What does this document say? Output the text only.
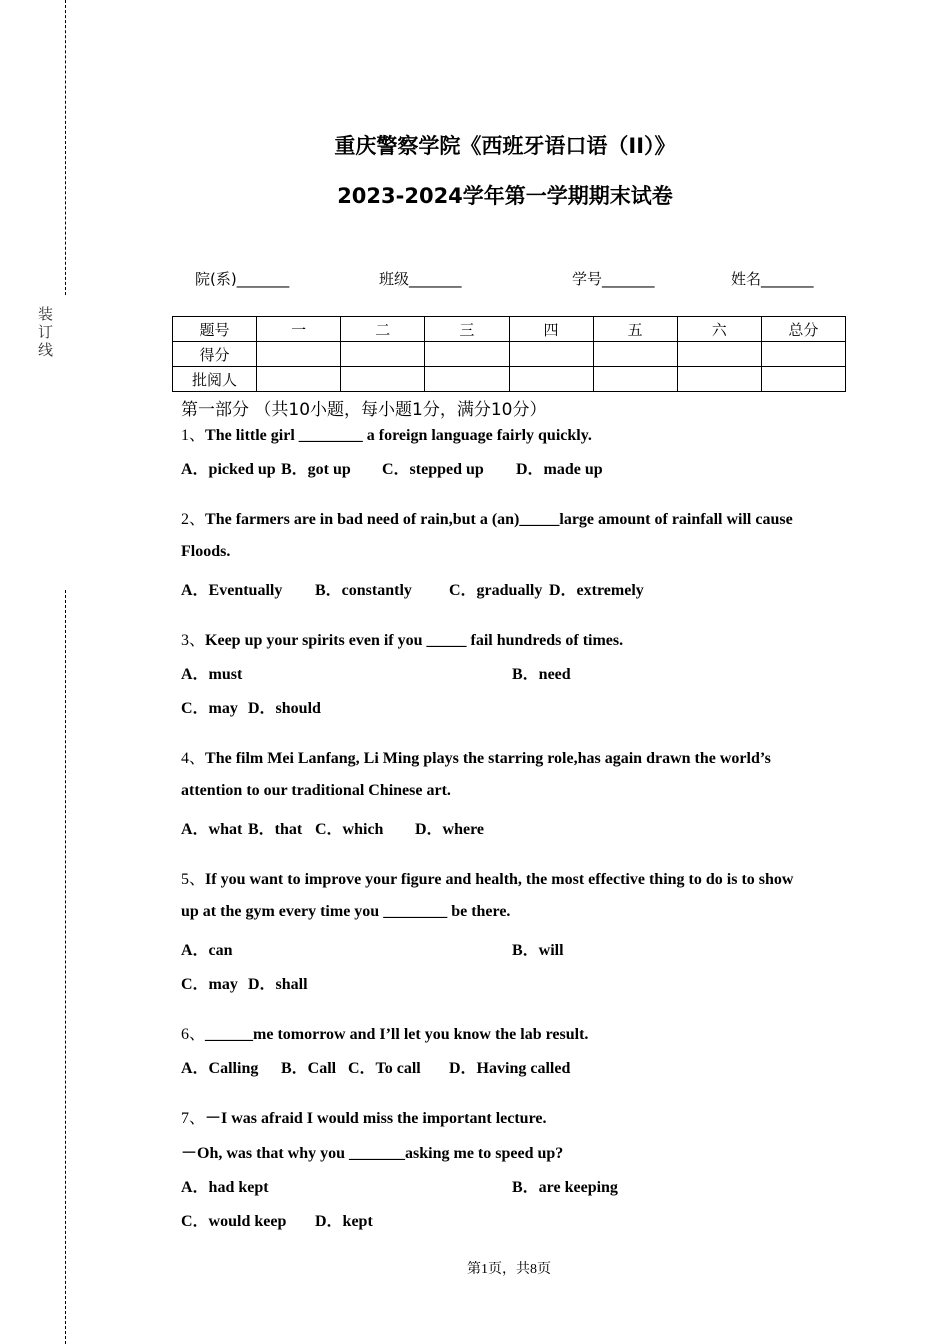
装订线
重庆警察学院《西班牙语口语（II）》
2023-2024学年第一学期期末试卷
院(系)_______	班级_______	学号_______	姓名_______
题号	一	二	三	四	五	六	总分
得分							
批阅人							
第一部分 （共10小题，每小题1分，满分10分）
1、The little girl ________ a foreign language fairly quickly.
A．picked up B．got up C．stepped up D．made up
2、The farmers are in bad need of rain,but a (an)_____large amount of rainfall will cause
Floods.
A．Eventually B．constantly C．gradually D．extremely
3、Keep up your spirits even if you _____ fail hundreds of times.
A．must	B．need
C．may D．should
4、The film Mei Lanfang, Li Ming plays the starring role,has again drawn the world’s
attention to our traditional Chinese art.
A．what B．that C．which D．where
5、If you want to improve your figure and health, the most effective thing to do is to show
up at the gym every time you ________ be there.
A．can	B．will
C．may D．shall
6、______me tomorrow and I’ll let you know the lab result.
A．Calling B．Call C．To call D．Having called
7、－I was afraid I would miss the important lecture.
－Oh, was that why you _______asking me to speed up?
A．had kept	B．are keeping
C．would keep D．kept
第1页，共8页
